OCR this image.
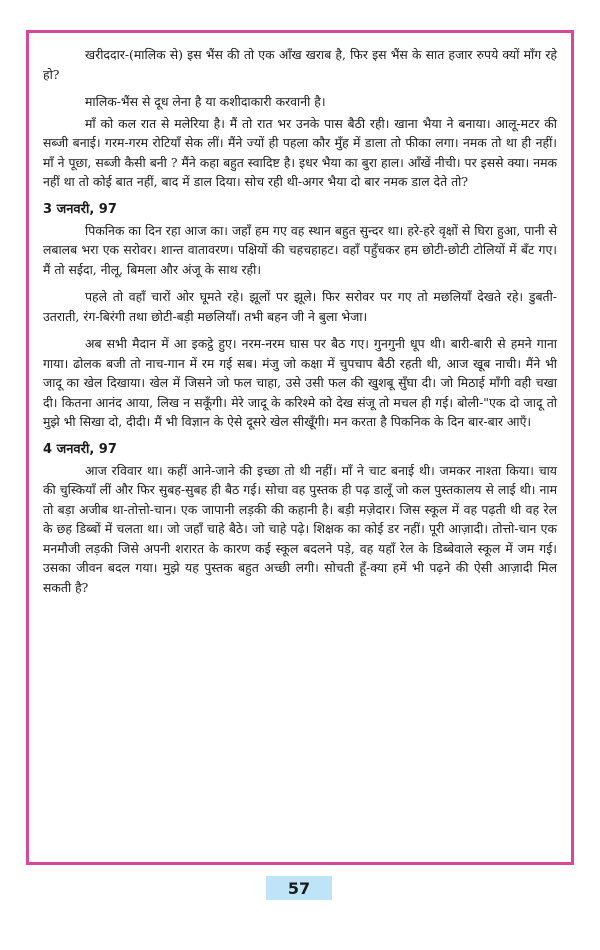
खरीददार-(मालिक से) इस भैंस की तो एक आँख खराब है, फिर इस भैंस के सात हजार रुपये क्यों माँग रहे हो?

मालिक-भैंस से दूध लेना है या कशीदाकारी करवानी है।

माँ को कल रात से मलेरिया है। मैं तो रात भर उनके पास बैठी रही। खाना भैया ने बनाया। आलू-मटर की सब्जी बनाई। गरम-गरम रोटियाँ सेक लीं। मैंने ज्यों ही पहला कौर मुँह में डाला तो फीका लगा। नमक तो था ही नहीं। माँ ने पूछा, सब्जी कैसी बनी ? मैंने कहा बहुत स्वादिष्ट है। इधर भैया का बुरा हाल। आँखें नीची। पर इससे क्या। नमक नहीं था तो कोई बात नहीं, बाद में डाल दिया। सोच रही थी-अगर भैया दो बार नमक डाल देते तो?

3 जनवरी, 97

पिकनिक का दिन रहा आज का। जहाँ हम गए वह स्थान बहुत सुन्दर था। हरे-हरे वृक्षों से घिरा हुआ, पानी से लबालब भरा एक सरोवर। शान्त वातावरण। पक्षियों की चहचहाहट। वहाँ पहुँचकर हम छोटी-छोटी टोलियों में बँट गए। मैं तो सईदा, नीलू, बिमला और अंजू के साथ रही।

पहले तो वहाँ चारों ओर घूमते रहे। झूलों पर झूले। फिर सरोवर पर गए तो मछलियाँ देखते रहे। डुबती-उतराती, रंग-बिरंगी तथा छोटी-बड़ी मछलियाँ। तभी बहन जी ने बुला भेजा।

अब सभी मैदान में आ इकट्ठे हुए। नरम-नरम घास पर बैठ गए। गुनगुनी धूप थी। बारी-बारी से हमने गाना गाया। ढोलक बजी तो नाच-गान में रम गई सब। मंजु जो कक्षा में चुपचाप बैठी रहती थी, आज खूब नाची। मैंने भी जादू का खेल दिखाया। खेल में जिसने जो फल चाहा, उसे उसी फल की खुशबू सुँघा दी। जो मिठाई माँगी वही चखा दी। कितना आनंद आया, लिख न सकूँगी। मेरे जादू के करिश्मे को देख संजू तो मचल ही गई। बोली-"एक दो जादू तो मुझे भी सिखा दो, दीदी। मैं भी विज्ञान के ऐसे दूसरे खेल सीखूँगी। मन करता है पिकनिक के दिन बार-बार आएँ।

4 जनवरी, 97

आज रविवार था। कहीं आने-जाने की इच्छा तो थी नहीं। माँ ने चाट बनाई थी। जमकर नाश्ता किया। चाय की चुस्कियाँ लीं और फिर सुबह-सुबह ही बैठ गई। सोचा वह पुस्तक ही पढ़ डालूँ जो कल पुस्तकालय से लाई थी। नाम तो बड़ा अजीब था-तोत्तो-चान। एक जापानी लड़की की कहानी है। बड़ी मज़ेदार। जिस स्कूल में वह पढ़ती थी वह रेल के छह डिब्बों में चलता था। जो जहाँ चाहे बैठे। जो चाहे पढ़े। शिक्षक का कोई डर नहीं। पूरी आज़ादी। तोत्तो-चान एक मनमौजी लड़की जिसे अपनी शरारत के कारण कई स्कूल बदलने पड़े, वह यहाँ रेल के डिब्बेवाले स्कूल में जम गई। उसका जीवन बदल गया। मुझे यह पुस्तक बहुत अच्छी लगी। सोचती हूँ-क्या हमें भी पढ़ने की ऐसी आज़ादी मिल सकती है?

57
